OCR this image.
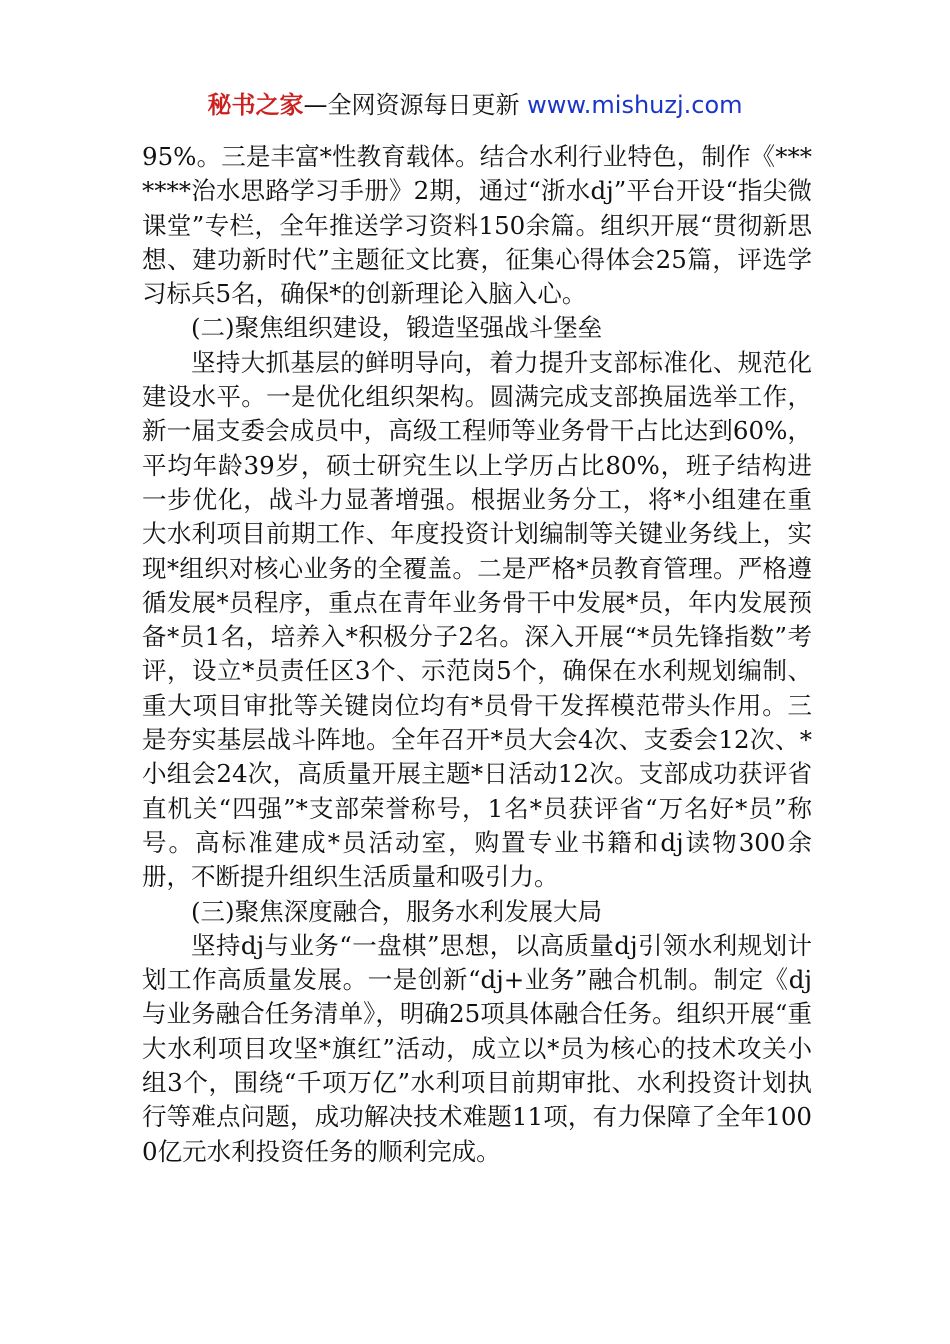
秘书之家—全网资源每日更新 www.mishuzj.com

95%。三是丰富*性教育载体。结合水利行业特色，制作《*******治水思路学习手册》2期，通过“浙水dj”平台开设“指尖微课堂”专栏，全年推送学习资料150余篇。组织开展“贯彻新思想、建功新时代”主题征文比赛，征集心得体会25篇，评选学习标兵5名，确保*的创新理论入脑入心。

(二)聚焦组织建设，锻造坚强战斗堡垒

坚持大抓基层的鲜明导向，着力提升支部标准化、规范化建设水平。一是优化组织架构。圆满完成支部换届选举工作，新一届支委会成员中，高级工程师等业务骨干占比达到60%，平均年龄39岁，硕士研究生以上学历占比80%，班子结构进一步优化，战斗力显著增强。根据业务分工，将*小组建在重大水利项目前期工作、年度投资计划编制等关键业务线上，实现*组织对核心业务的全覆盖。二是严格*员教育管理。严格遵循发展*员程序，重点在青年业务骨干中发展*员，年内发展预备*员1名，培养入*积极分子2名。深入开展“*员先锋指数”考评，设立*员责任区3个、示范岗5个，确保在水利规划编制、重大项目审批等关键岗位均有*员骨干发挥模范带头作用。三是夯实基层战斗阵地。全年召开*员大会4次、支委会12次、*小组会24次，高质量开展主题*日活动12次。支部成功获评省直机关“四强”*支部荣誉称号，1名*员获评省“万名好*员”称号。高标准建成*员活动室，购置专业书籍和dj读物300余册，不断提升组织生活质量和吸引力。

(三)聚焦深度融合，服务水利发展大局

坚持dj与业务“一盘棋”思想，以高质量dj引领水利规划计划工作高质量发展。一是创新“dj+业务”融合机制。制定《dj与业务融合任务清单》，明确25项具体融合任务。组织开展“重大水利项目攻坚*旗红”活动，成立以*员为核心的技术攻关小组3个，围绕“千项万亿”水利项目前期审批、水利投资计划执行等难点问题，成功解决技术难题11项，有力保障了全年1000亿元水利投资任务的顺利完成。
